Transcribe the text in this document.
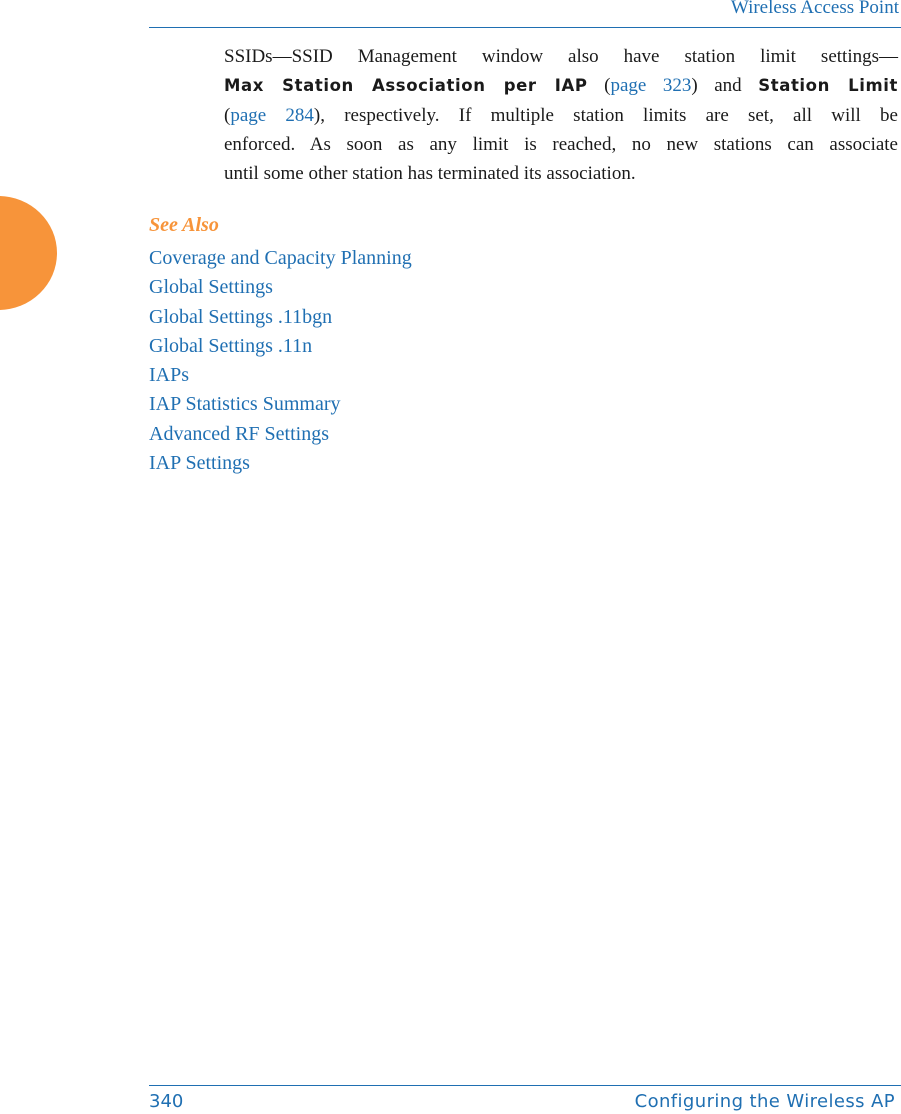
Wireless Access Point
SSIDs—SSID Management window also have station limit settings—
Max Station Association per IAP (page 323) and Station Limit
(page 284), respectively. If multiple station limits are set, all will be
enforced. As soon as any limit is reached, no new stations can associate
until some other station has terminated its association.
See Also
Coverage and Capacity Planning
Global Settings
Global Settings .11bgn
Global Settings .11n
IAPs
IAP Statistics Summary
Advanced RF Settings
IAP Settings
340	Configuring the Wireless AP
